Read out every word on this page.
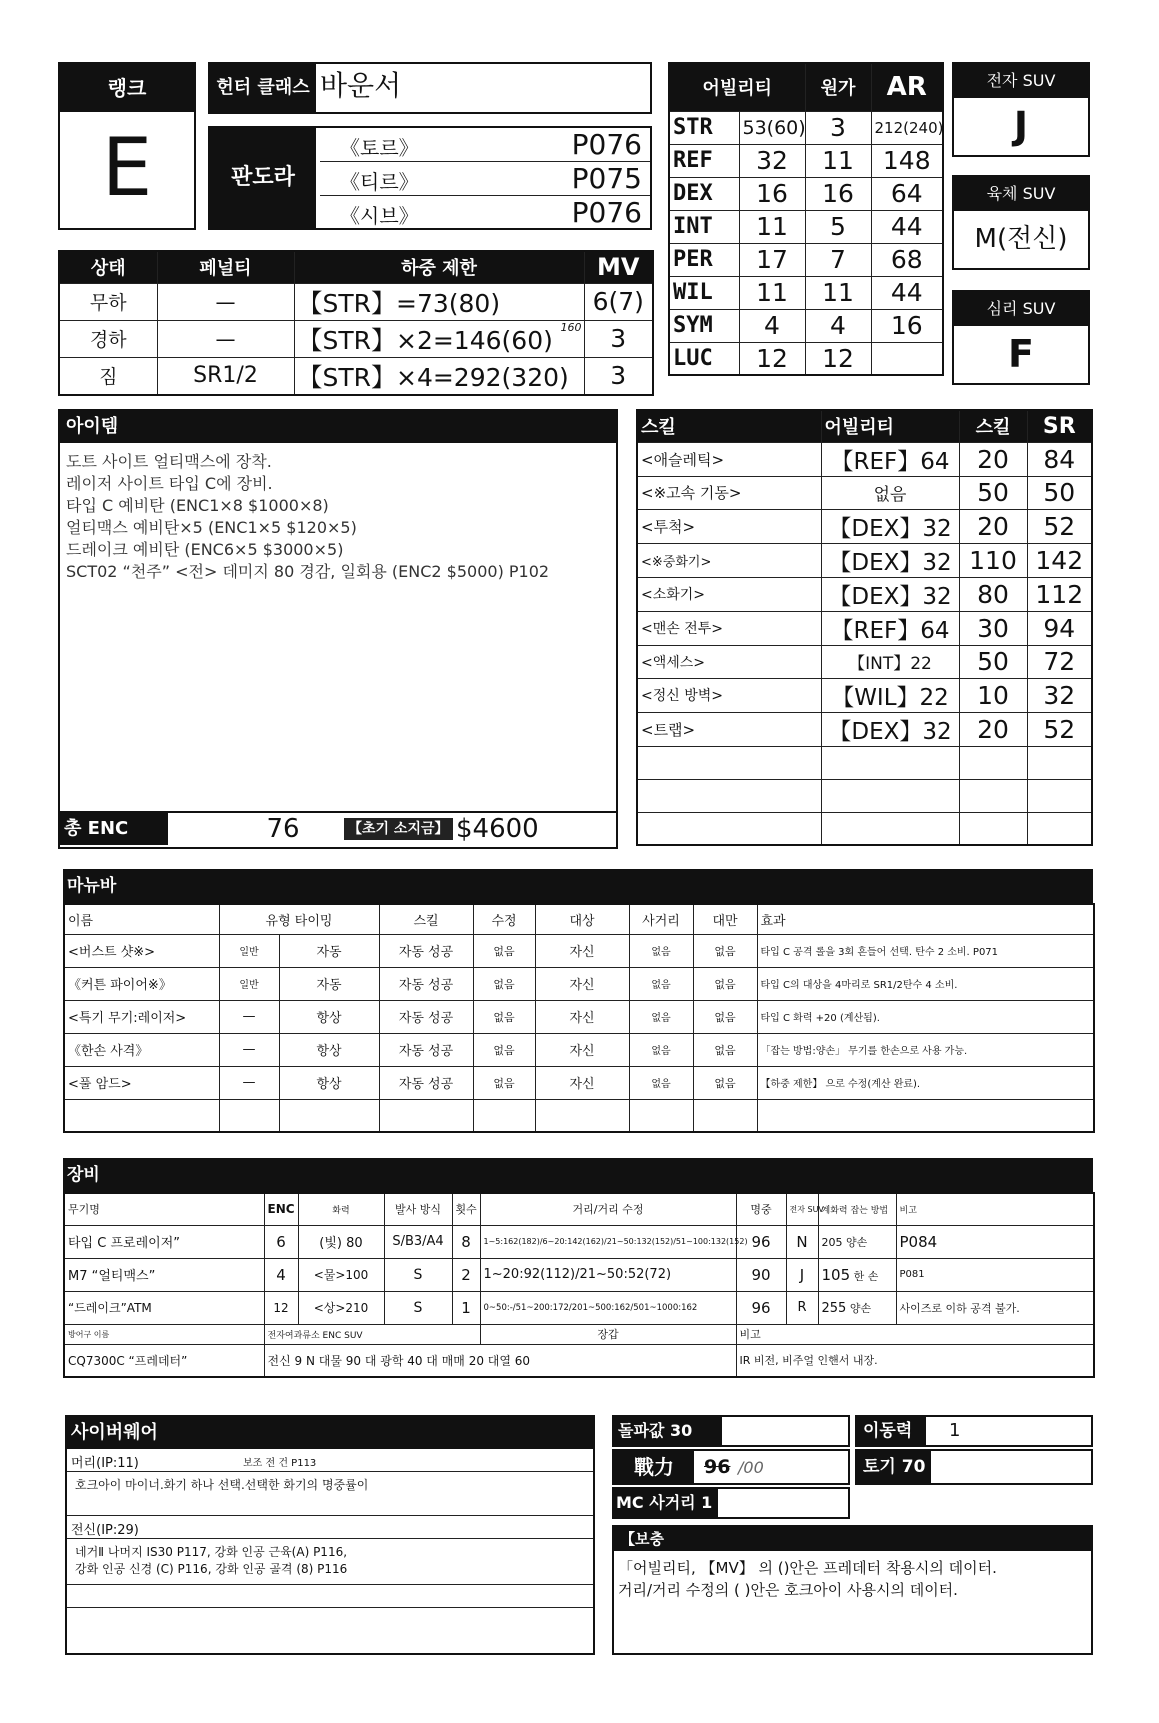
랭크
E
헌터 클래스 바운서
판도라
《토르》	P076
《티르》	P075
《시브》	P076
상태	페널티	하중 제한	MV
무하	—	【STR】=73(80)	6(7)
경하	—	【STR】×2=146(60) 160	3
짐	SR1/2	【STR】×4=292(320)	3
어빌리티		원가	AR
STR	53(60)	3	212(240)
REF	32	11	148
DEX	16	16	64
INT	11	5	44
PER	17	7	68
WIL	11	11	44
SYM	4	4	16
LUC	12	12	
전자 SUV
J
육체 SUV
M(전신)
심리 SUV
F
아이템
도트 사이트 얼티맥스에 장착.
레이저 사이트 타입 C에 장비.
타입 C 예비탄 (ENC1×8 $1000×8)
얼티맥스 예비탄×5 (ENC1×5 $120×5)
드레이크 예비탄 (ENC6×5 $3000×5)
SCT02 “천주” <전> 데미지 80 경감, 일회용 (ENC2 $5000) P102
총 ENC	76	【초기 소지금】 $4600
스킬	어빌리티	스킬	SR
<애슬레틱>	【REF】64	20	84
<※고속 기동>	없음	50	50
<투척>	【DEX】32	20	52
<※중화기>	【DEX】32	110	142
<소화기>	【DEX】32	80	112
<맨손 전투>	【REF】64	30	94
<액세스>	【INT】22	50	72
<정신 방벽>	【WIL】22	10	32
<트랩>	【DEX】32	20	52

마뉴바
이름	유형 타이밍		스킬	수정	대상	사거리	대만	효과
<버스트 샷※>	일반	자동	자동 성공	없음	자신	없음	없음	타입 C 공격 롤을 3회 흔들어 선택. 탄수 2 소비. P071
《커튼 파이어※》	일반	자동	자동 성공	없음	자신	없음	없음	타입 C의 대상을 4마리로 SR1/2탄수 4 소비.
<특기 무기:레이저>	—	항상	자동 성공	없음	자신	없음	없음	타입 C 화력 +20 (계산됨).
《한손 사격》	—	항상	자동 성공	없음	자신	없음	없음	「잡는 방법:양손」 무기를 한손으로 사용 가능.
<풀 암드>	—	항상	자동 성공	없음	자신	없음	없음	【하중 제한】 으로 수정(계산 완료).

장비
무기명	ENC	화력	발사 방식	횟수	거리/거리 수정	명중	전자 SUV	계화력 잡는 방법	비고
타입 C 프로레이저”	6	(빛) 80	S/B3/A4	8	1~5:162(182)/6~20:142(162)/21~50:132(152)/51~100:132(152)	96	N	205 양손	P084
M7 “얼티맥스”	4	<물>100	S	2	1~20:92(112)/21~50:52(72)	90	J	105 한 손	P081
“드레이크”ATM	12	<상>210	S	1	0~50:-/51~200:172/201~500:162/501~1000:162	96	R	255 양손	사이즈로 이하 공격 불가.
방어구 이름	전자여과류소 ENC SUV				장갑	비고			
CQ7300C “프레데터”	전신 9 N 대물 90 대 광학 40 대 매매 20 대열 60					IR 비전, 비주얼 인핸서 내장.			
사이버웨어
머리(IP:11)	보조 전 건 P113
호크아이 마이너.화기 하나 선택.선택한 화기의 명중률이
전신(IP:29)
네거Ⅱ 나머지 IS30 P117, 강화 인공 근육(A) P116,
강화 인공 신경 (C) P116, 강화 인공 골격 (8) P116
돌파값 30
戰力	96 /00
MC 사거리 1
이동력	1
토기 70
【보충
「어빌리티, 【MV】 의 ()안은 프레데터 착용시의 데이터.
거리/거리 수정의 ( )안은 호크아이 사용시의 데이터.
